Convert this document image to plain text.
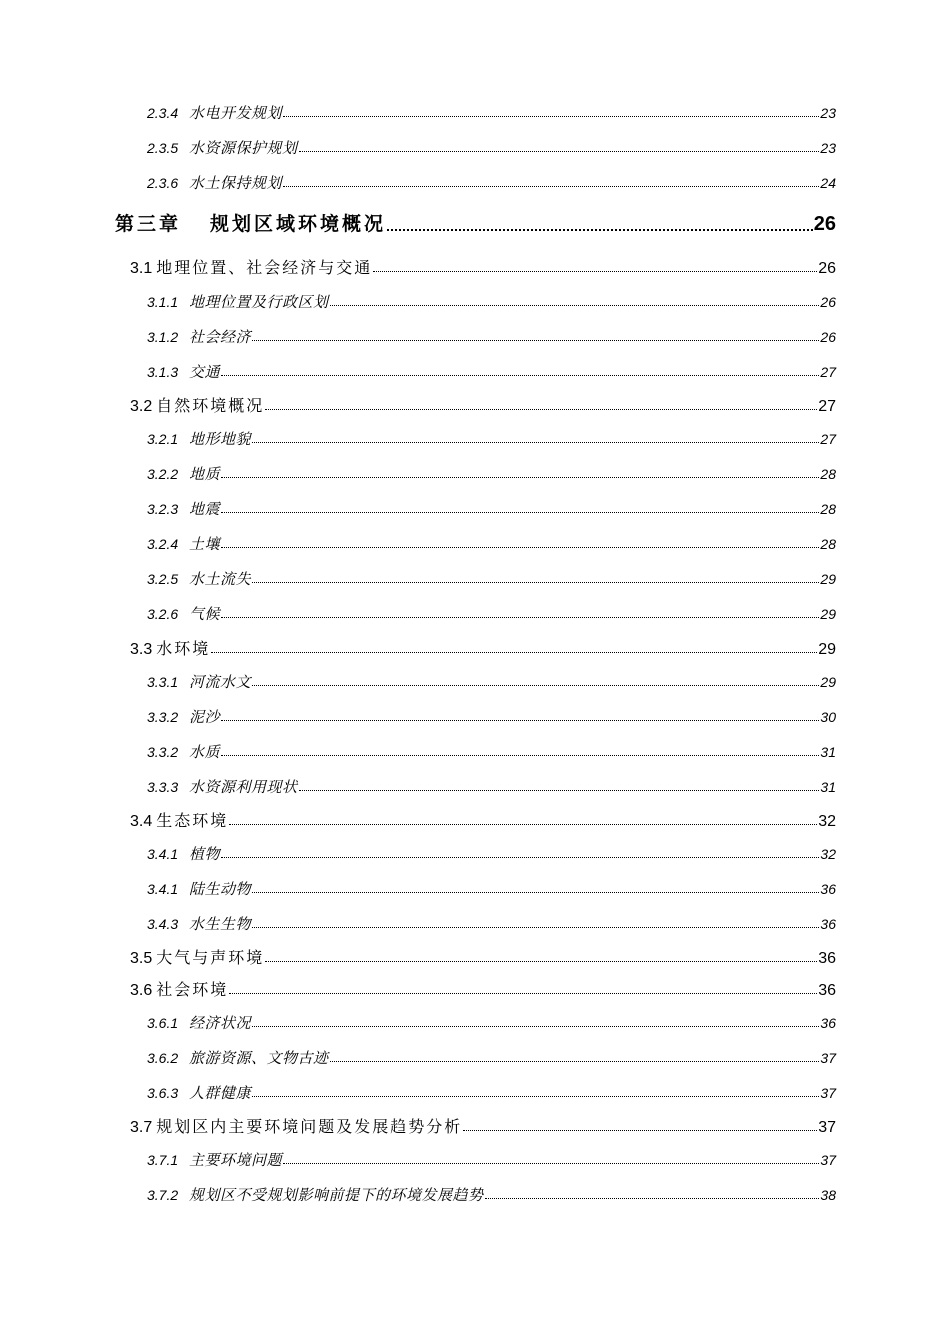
2.3.4 水电开发规划	23
2.3.5 水资源保护规划	23
2.3.6 水土保持规划	24
第三章	规划区域环境概况	26
3.1 地理位置、社会经济与交通	26
3.1.1 地理位置及行政区划	26
3.1.2 社会经济	26
3.1.3 交通	27
3.2 自然环境概况	27
3.2.1 地形地貌	27
3.2.2 地质	28
3.2.3 地震	28
3.2.4 土壤	28
3.2.5 水土流失	29
3.2.6 气候	29
3.3 水环境	29
3.3.1 河流水文	29
3.3.2 泥沙	30
3.3.2 水质	31
3.3.3 水资源利用现状	31
3.4 生态环境	32
3.4.1 植物	32
3.4.1 陆生动物	36
3.4.3 水生生物	36
3.5 大气与声环境	36
3.6 社会环境	36
3.6.1 经济状况	36
3.6.2 旅游资源、文物古迹	37
3.6.3 人群健康	37
3.7 规划区内主要环境问题及发展趋势分析	37
3.7.1 主要环境问题	37
3.7.2 规划区不受规划影响前提下的环境发展趋势	38
